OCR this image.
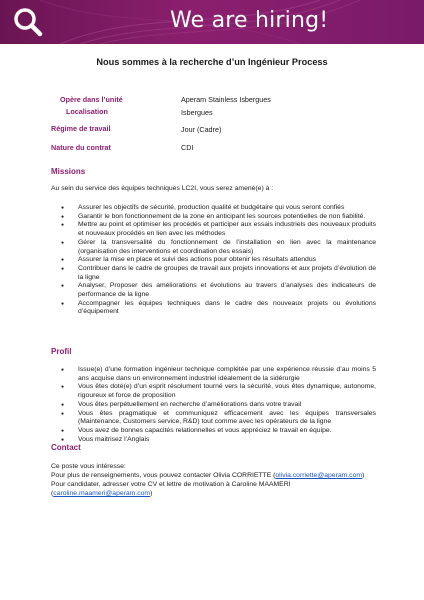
We are hiring!
Nous sommes à la recherche d’un Ingénieur Process
Opère dans l’unité	Aperam Stainless Isbergues
Localisation	Isbergues
Régime de travail	Jour (Cadre)
Nature du contrat	CDI
Missions
Au sein du service des équipes techniques LC2I, vous serez amené(e) à :
● Assurer les objectifs de sécurité, production qualité et budgétaire qui vous seront confiés
● Garantir le bon fonctionnement de la zone en anticipant les sources potentielles de non fiabilité.
● Mettre au point et optimiser les procédés et participer aux essais industriels des nouveaux produits et nouveaux procédés en lien avec les méthodes
● Gérer la transversalité du fonctionnement de l’installation en lien avec la maintenance (organisation des interventions et coordination des essais)
● Assurer la mise en place et suivi des actions pour obtenir les résultats attendus
● Contribuer dans le cadre de groupes de travail aux projets innovations et aux projets d’évolution de la ligne
● Analyser, Proposer des améliorations et évolutions au travers d’analyses des indicateurs de performance de la ligne
● Accompagner les équipes techniques dans le cadre des nouveaux projets ou évolutions d’équipement
Profil
● Issue(e) d’une formation ingénieur technique complétée par une expérience réussie d’au moins 5 ans acquise dans un environnement industriel idéalement de la sidérurgie
● Vous êtes doté(e) d’un esprit résolument tourné vers la sécurité, vous êtes dynamique, autonome, rigoureux et force de proposition
● Vous êtes perpétuellement en recherche d’améliorations dans votre travail
● Vous êtes pragmatique et communiquez efficacement avec les équipes transversales (Maintenance, Customers service, R&D) tout comme avec les opérateurs de la ligne
● Vous avez de bonnes capacités relationnelles et vous appréciez le travail en équipe.
● Vous maitrisez l’Anglais
Contact
Ce poste vous intéresse:
Pour plus de renseignements, vous pouvez contacter Olivia CORRIETTE (olivia.corriette@aperam.com)
Pour candidater, adresser votre CV et lettre de motivation à Caroline MAAMERI
(caroline.maameri@aperam.com)
